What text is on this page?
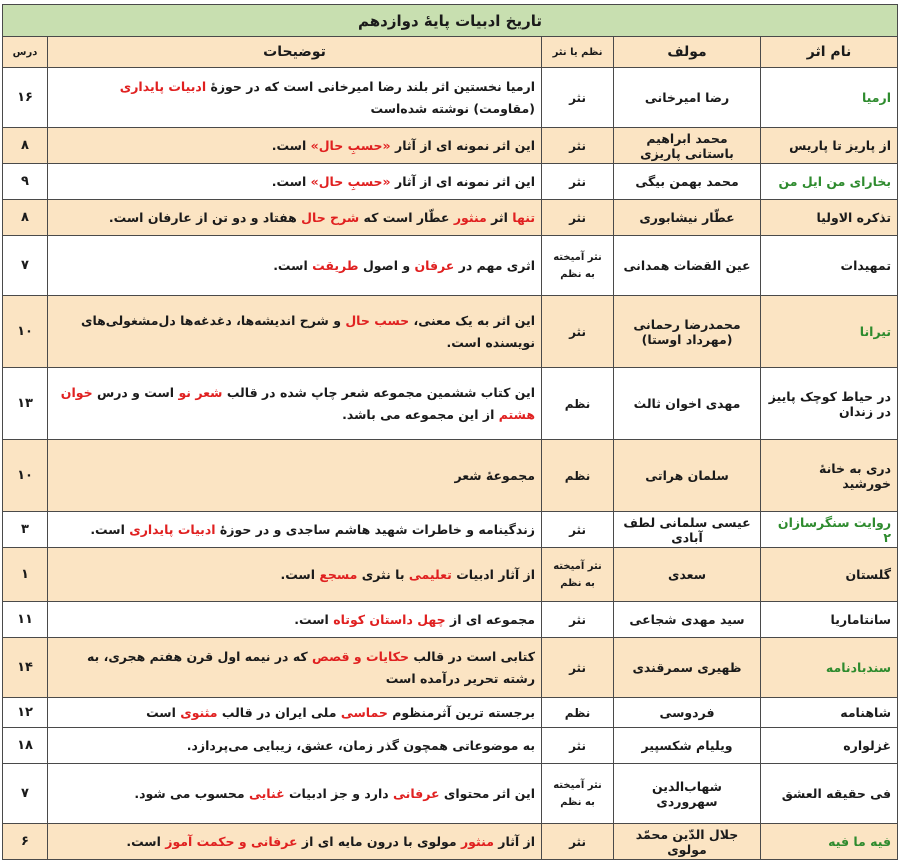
تاریخ ادبیات پایۀ دوازدهم				
نام اثر	مولف	نظم یا نثر	توضیحات	درس
ارمیا	رضا امیرخانی	نثر	ارمیا نخستین اثر بلند رضا امیرخانی است که در حوزۀ ادبیات پایداری (مقاومت) نوشته شده‌است	۱۶
از پاریز تا پاریس	محمد ابراهیم باستانی پاریزی	نثر	این اثر نمونه ای از آثار «حسبِ حال» است.	۸
بخارای من ایل من	محمد بهمن بیگی	نثر	این اثر نمونه ای از آثار «حسبِ حال» است.	۹
تذکره الاولیا	عطّار نیشابوری	نثر	تنها اثر منثور عطّار است که شرح حال هفتاد و دو تن از عارفان است.	۸
تمهیدات	عین القضات همدانی	نثر آمیخته به نظم	اثری مهم در عرفان و اصول طریقت است.	۷
تیرانا	محمدرضا رحمانی (مهرداد اوستا)	نثر	این اثر به یک معنی، حسب حال و شرح اندیشه‌ها، دغدغه‌ها دل‌مشغولی‌های نویسنده است.	۱۰
در حیاط کوچک پاییز در زندان	مهدی اخوان ثالث	نظم	این کتاب ششمین مجموعه شعر چاپ شده در قالب شعر نو است و درس خوان هشتم از این مجموعه می باشد.	۱۳
دری به خانۀ خورشید	سلمان هراتی	نظم	مجموعۀ شعر	۱۰
روایت سنگرسازان ۲	عیسی سلمانی لطف آبادی	نثر	زندگینامه و خاطرات شهید هاشم ساجدی و در حوزۀ ادبیات پایداری است.	۳
گلستان	سعدی	نثر آمیخته به نظم	از آثار ادبیات تعلیمی با نثری مسجع است.	۱
سانتاماریا	سید مهدی شجاعی	نثر	مجموعه ای از چهل داستان کوتاه است.	۱۱
سندبادنامه	ظهیری سمرقندی	نثر	کتابی است در قالب حکایات و قصص که در نیمه اول قرن هفتم هجری، به رشته تحریر درآمده است	۱۴
شاهنامه	فردوسی	نظم	برجسته ترین آثرمنظوم حماسی ملی ایران در قالب مثنوی است	۱۲
غزلواره	ویلیام شکسپیر	نثر	به موضوعاتی همچون گذر زمان، عشق، زیبایی می‌پردازد.	۱۸
فی حقیقه العشق	شهاب‌الدین سهروردی	نثر آمیخته به نظم	این اثر محتوای عرفانی دارد و جز ادبیات غنایی محسوب می شود.	۷
فیه ما فیه	جلال الدّین محمّد مولوی	نثر	از آثار منثور مولوی با درون مایه ای از عرفانی و حکمت آموز است.	۶
